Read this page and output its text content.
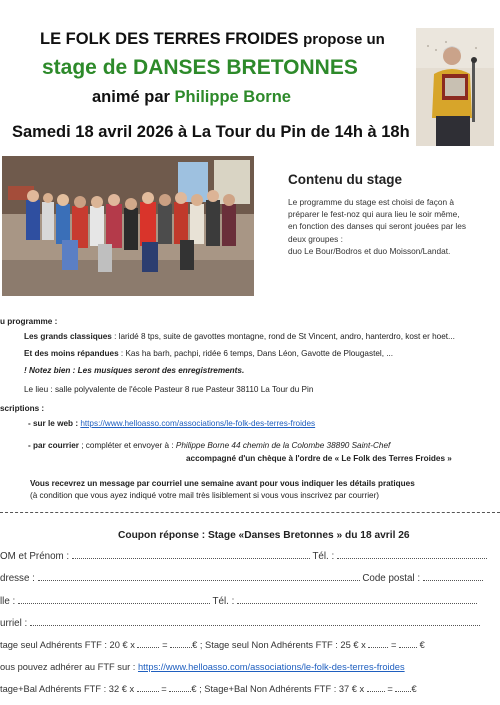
LE FOLK DES TERRES FROIDES propose un
stage de DANSES BRETONNES
animé par Philippe Borne
Samedi 18 avril 2026 à La Tour du Pin de 14h à 18h
Contenu du stage
Le programme du stage est choisi de façon à
préparer le fest-noz qui aura lieu le soir même,
en fonction des danses qui seront jouées par les
deux groupes :
duo Le Bour/Bodros et duo Moisson/Landat.
u programme :
Les grands classiques : laridé 8 tps, suite de gavottes montagne, rond de St Vincent, andro, hanterdro, kost er hoet...
Et des moins répandues : Kas ha barh, pachpi, ridée 6 temps, Dans Léon, Gavotte de Plougastel, ...
! Notez bien : Les musiques seront des enregistrements.
Le lieu : salle polyvalente de l'école Pasteur 8 rue Pasteur 38110 La Tour du Pin
scriptions :
- sur le web : https://www.helloasso.com/associations/le-folk-des-terres-froides
- par courrier ; compléter et envoyer à : Philippe Borne 44 chemin de la Colombe 38890 Saint-Chef
accompagné d'un chèque à l'ordre de « Le Folk des Terres Froides »
Vous recevrez un message par courriel une semaine avant pour vous indiquer les détails pratiques
(à condition que vous ayez indiqué votre mail très lisiblement si vous vous inscrivez par courrier)
Coupon réponse : Stage «Danses Bretonnes » du 18 avril 26
OM et Prénom :	Tél. :
dresse :	Code postal :
lle :	Tél. :
urriel :
tage seul Adhérents FTF : 20 € x	=	€ ; Stage seul Non Adhérents FTF : 25 € x	= €
ous pouvez adhérer au FTF sur : https://www.helloasso.com/associations/le-folk-des-terres-froides
tage+Bal Adhérents FTF : 32 € x	=	€ ; Stage+Bal Non Adhérents FTF : 37 € x = €
